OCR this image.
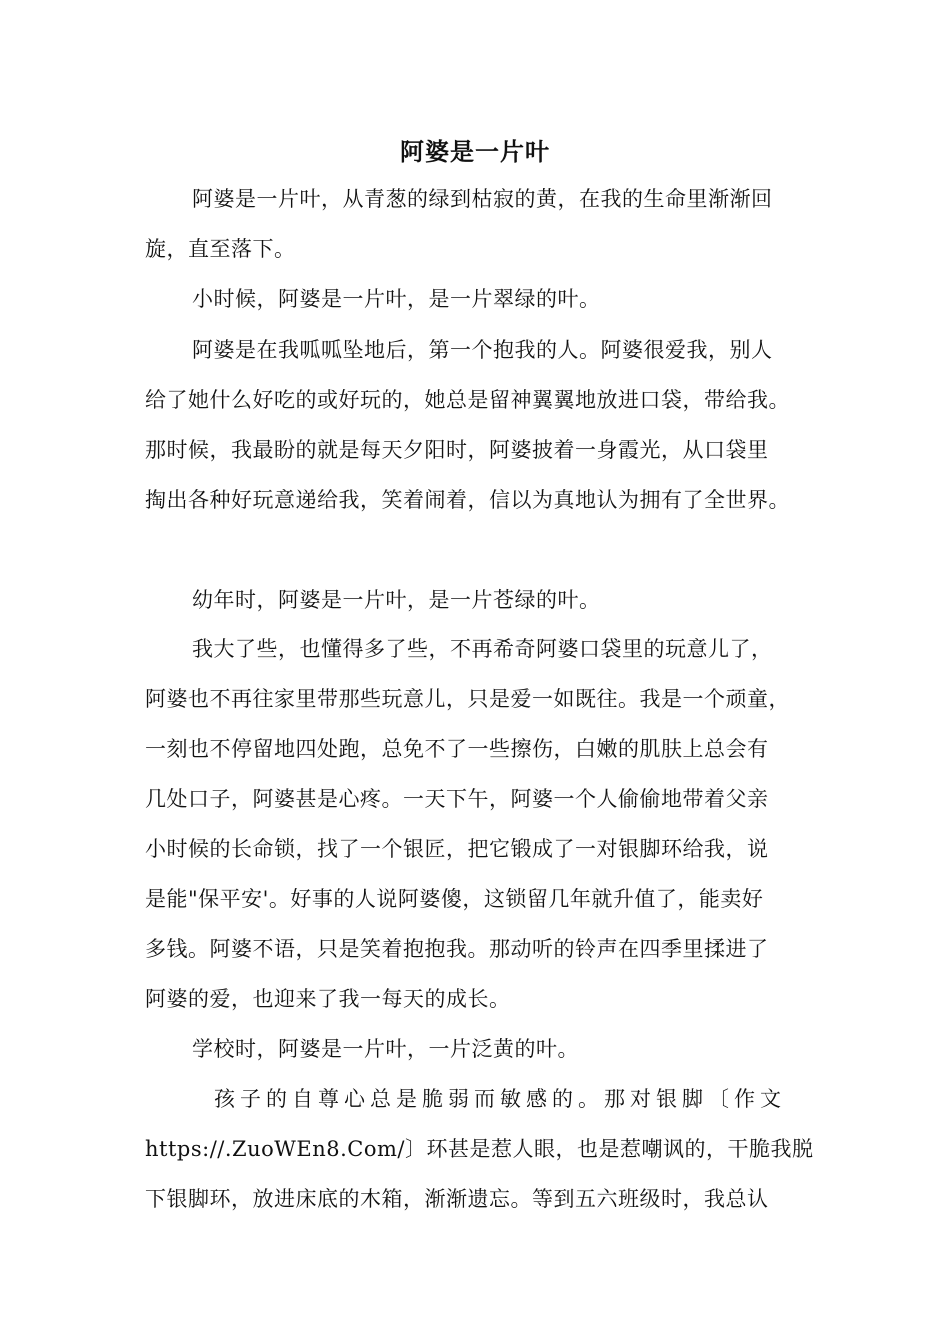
阿婆是一片叶
阿婆是一片叶，从青葱的绿到枯寂的黄，在我的生命里渐渐回
旋，直至落下。
小时候，阿婆是一片叶，是一片翠绿的叶。
阿婆是在我呱呱坠地后，第一个抱我的人。阿婆很爱我，别人
给了她什么好吃的或好玩的，她总是留神翼翼地放进口袋，带给我。
那时候，我最盼的就是每天夕阳时，阿婆披着一身霞光，从口袋里
掏出各种好玩意递给我，笑着闹着，信以为真地认为拥有了全世界。
幼年时，阿婆是一片叶，是一片苍绿的叶。
我大了些，也懂得多了些，不再希奇阿婆口袋里的玩意儿了，
阿婆也不再往家里带那些玩意儿，只是爱一如既往。我是一个顽童，
一刻也不停留地四处跑，总免不了一些擦伤，白嫩的肌肤上总会有
几处口子，阿婆甚是心疼。一天下午，阿婆一个人偷偷地带着父亲
小时候的长命锁，找了一个银匠，把它锻成了一对银脚环给我，说
是能"保平安'。好事的人说阿婆傻，这锁留几年就升值了，能卖好
多钱。阿婆不语，只是笑着抱抱我。那动听的铃声在四季里揉进了
阿婆的爱，也迎来了我一每天的成长。
学校时，阿婆是一片叶，一片泛黄的叶。
孩子的自尊心总是脆弱而敏感的。那对银脚〔作文
https://.ZuoWEn8.Com/〕环甚是惹人眼，也是惹嘲讽的，干脆我脱
下银脚环，放进床底的木箱，渐渐遗忘。等到五六班级时，我总认
